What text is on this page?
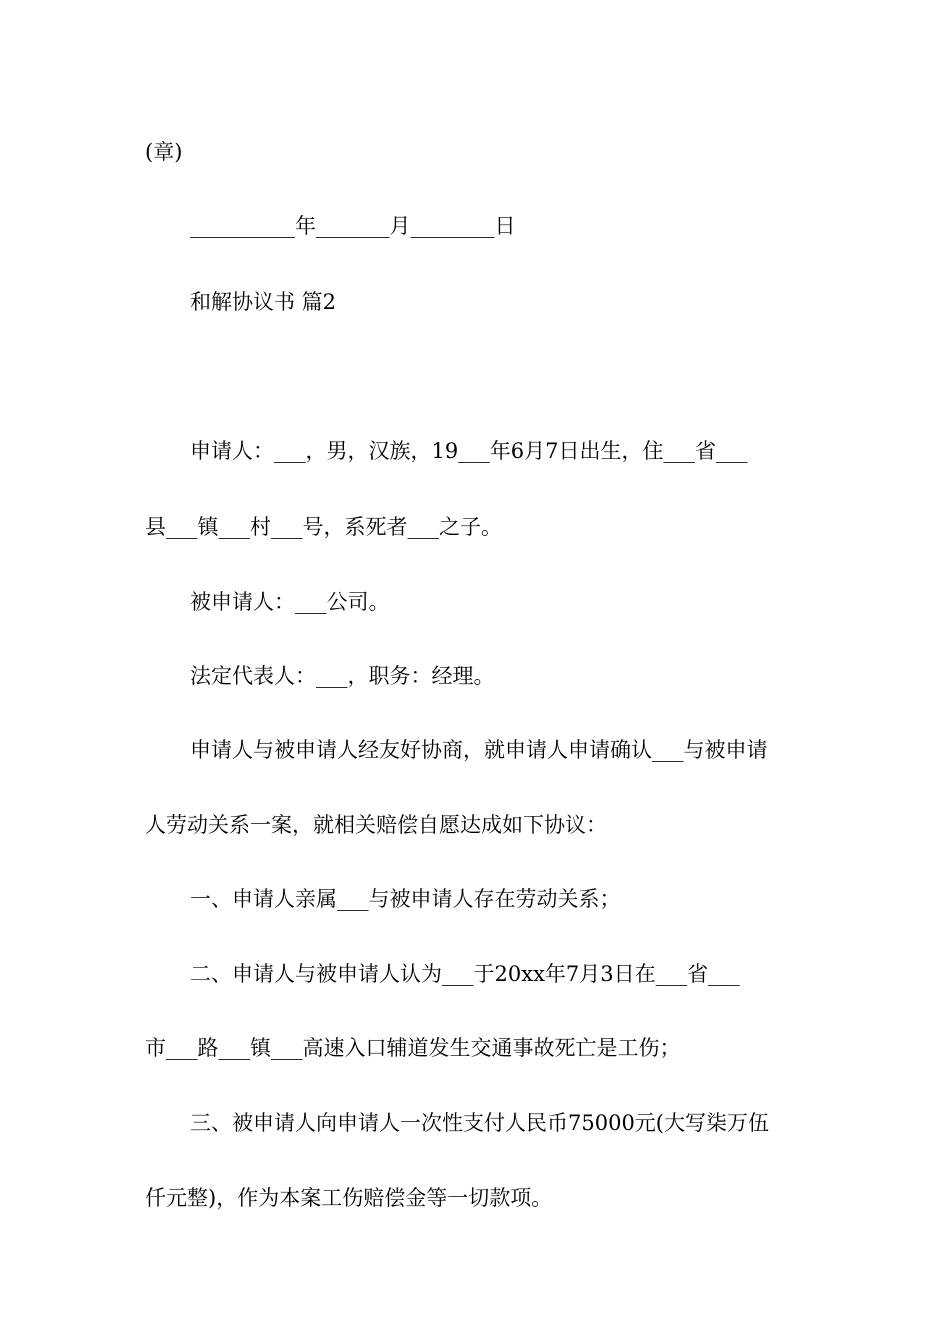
(章)
__________年_______月________日
和解协议书 篇2
申请人：___，男，汉族，19___年6月7日出生，住___省___
县___镇___村___号，系死者___之子。
被申请人：___公司。
法定代表人：___，职务：经理。
申请人与被申请人经友好协商，就申请人申请确认___与被申请
人劳动关系一案，就相关赔偿自愿达成如下协议：
一、申请人亲属___与被申请人存在劳动关系；
二、申请人与被申请人认为___于20xx年7月3日在___省___
市___路___镇___高速入口辅道发生交通事故死亡是工伤；
三、被申请人向申请人一次性支付人民币75000元(大写柒万伍
仟元整)，作为本案工伤赔偿金等一切款项。
